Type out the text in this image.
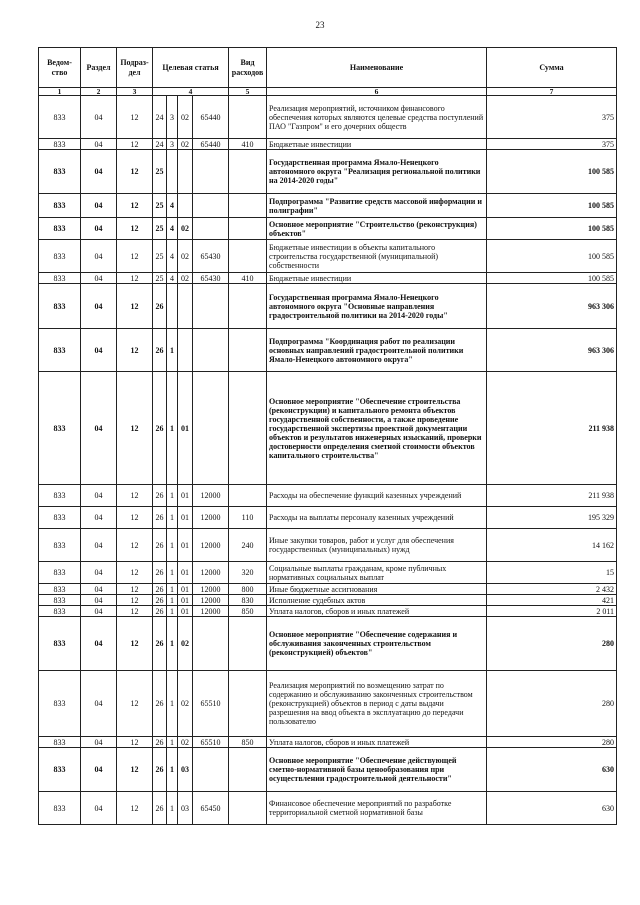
23
Ведом-ство	Раздел	Подраз-дел	Целевая статья				Вид расходов	Наименование	Сумма
1	2	3	4				5	6	7
833	04	12	24	3	02	65440		Реализация мероприятий, источником финансового обеспечения которых являются целевые средства поступлений ПАО "Газпром" и его дочерних обществ	375
833	04	12	24	3	02	65440	410	Бюджетные инвестиции	375
833	04	12	25					Государственная программа Ямало-Ненецкого автономного округа "Реализация региональной политики на 2014-2020 годы"	100 585
833	04	12	25	4				Подпрограмма "Развитие средств массовой информации и полиграфии"	100 585
833	04	12	25	4	02			Основное мероприятие "Строительство (реконструкция) объектов"	100 585
833	04	12	25	4	02	65430		Бюджетные инвестиции в объекты капитального строительства государственной (муниципальной) собственности	100 585
833	04	12	25	4	02	65430	410	Бюджетные инвестиции	100 585
833	04	12	26					Государственная программа Ямало-Ненецкого автономного округа "Основные направления градостроительной политики на 2014-2020 годы"	963 306
833	04	12	26	1				Подпрограмма "Координация работ по реализации основных направлений градостроительной политики Ямало-Ненецкого автономного округа"	963 306
833	04	12	26	1	01			Основное мероприятие "Обеспечение строительства (реконструкции) и капитального ремонта объектов государственной собственности, а также проведение государственной экспертизы проектной документации объектов и результатов инженерных изысканий, проверки достоверности определения сметной стоимости объектов капитального строительства"	211 938
833	04	12	26	1	01	12000		Расходы на обеспечение функций казенных учреждений	211 938
833	04	12	26	1	01	12000	110	Расходы на выплаты персоналу казенных учреждений	195 329
833	04	12	26	1	01	12000	240	Иные закупки товаров, работ и услуг для обеспечения государственных (муниципальных) нужд	14 162
833	04	12	26	1	01	12000	320	Социальные выплаты гражданам, кроме публичных нормативных социальных выплат	15
833	04	12	26	1	01	12000	800	Иные бюджетные ассигнования	2 432
833	04	12	26	1	01	12000	830	Исполнение судебных актов	421
833	04	12	26	1	01	12000	850	Уплата налогов, сборов и иных платежей	2 011
833	04	12	26	1	02			Основное мероприятие "Обеспечение содержания и обслуживания законченных строительством (реконструкцией) объектов"	280
833	04	12	26	1	02	65510		Реализация мероприятий по возмещению затрат по содержанию и обслуживанию законченных строительством (реконструкцией) объектов в период с даты выдачи разрешения на ввод объекта в эксплуатацию до передачи пользователю	280
833	04	12	26	1	02	65510	850	Уплата налогов, сборов и иных платежей	280
833	04	12	26	1	03			Основное мероприятие "Обеспечение действующей сметно-нормативной базы ценообразования при осуществлении градостроительной деятельности"	630
833	04	12	26	1	03	65450		Финансовое обеспечение мероприятий по разработке территориальной сметной нормативной базы	630
